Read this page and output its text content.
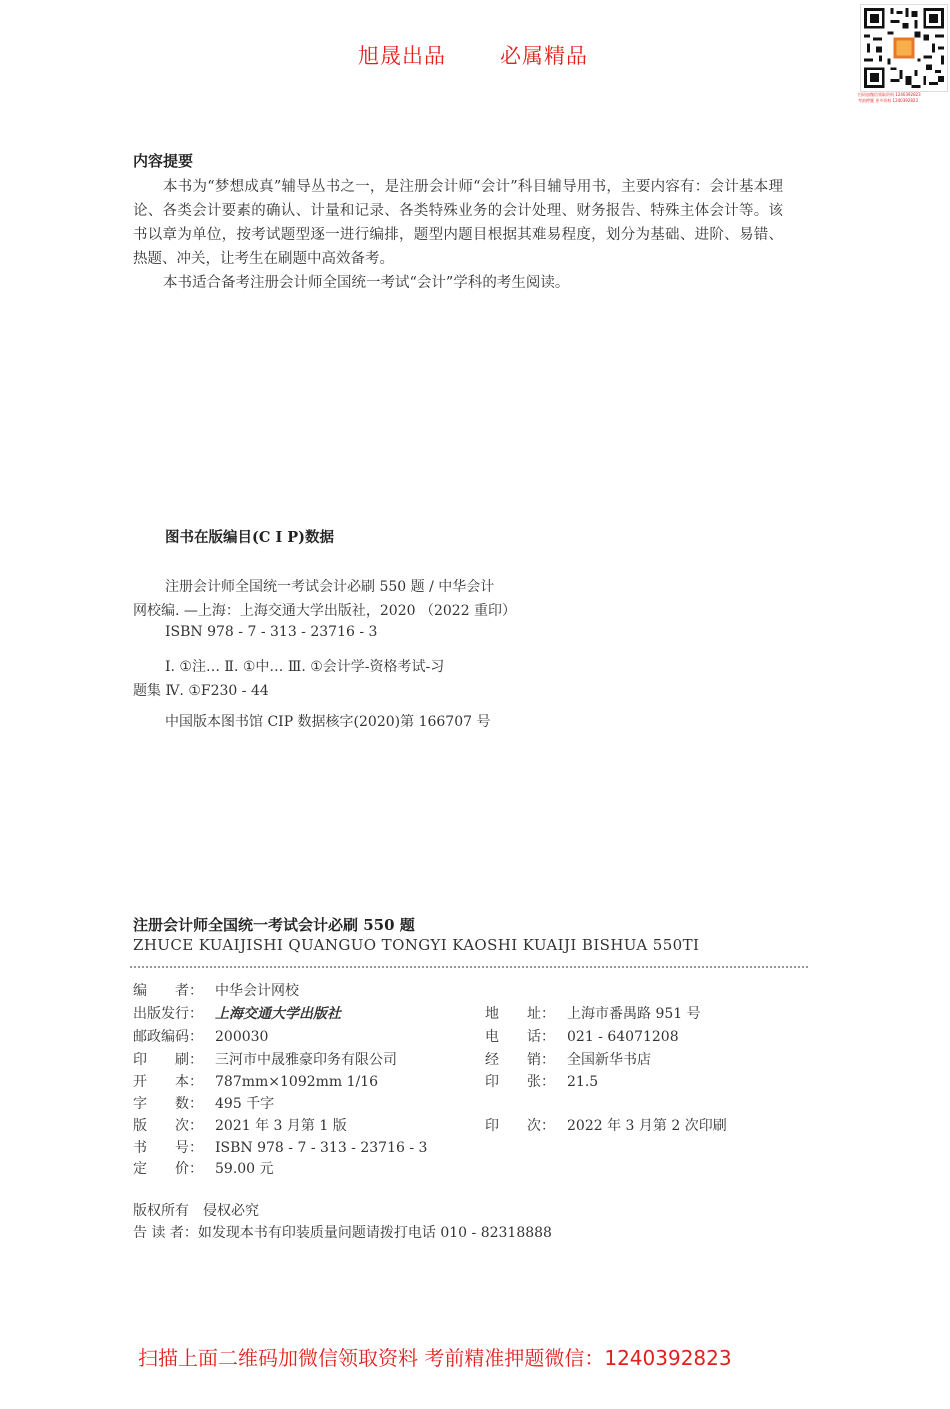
旭晟出品	必属精品
扫码加微信领取资料 1240392823
考前押题 更多资料 1240392823
内容提要
本书为“梦想成真”辅导丛书之一，是注册会计师“会计”科目辅导用书，主要内容有：会计基本理论、各类会计要素的确认、计量和记录、各类特殊业务的会计处理、财务报告、特殊主体会计等。该书以章为单位，按考试题型逐一进行编排，题型内题目根据其难易程度，划分为基础、进阶、易错、热题、冲关，让考生在刷题中高效备考。
本书适合备考注册会计师全国统一考试“会计”学科的考生阅读。
图书在版编目(C I P)数据
注册会计师全国统一考试会计必刷 550 题 / 中华会计
网校编. —上海：上海交通大学出版社，2020 （2022 重印）
ISBN 978 - 7 - 313 - 23716 - 3
Ⅰ. ①注… Ⅱ. ①中… Ⅲ. ①会计学-资格考试-习
题集 Ⅳ. ①F230 - 44
中国版本图书馆 CIP 数据核字(2020)第 166707 号
注册会计师全国统一考试会计必刷 550 题
ZHUCE KUAIJISHI QUANGUO TONGYI KAOSHI KUAIJI BISHUA 550TI
编　　者： 中华会计网校
出版发行： 上海交通大学出版社
邮政编码： 200030
印　　刷： 三河市中晟雅豪印务有限公司
开　　本： 787mm×1092mm 1/16
字　　数： 495 千字
版　　次： 2021 年 3 月第 1 版
书　　号： ISBN 978 - 7 - 313 - 23716 - 3
定　　价： 59.00 元
地　　址： 上海市番禺路 951 号
电　　话： 021 - 64071208
经　　销： 全国新华书店
印　　张： 21.5
印　　次： 2022 年 3 月第 2 次印刷
版权所有　侵权必究
告 读 者：如发现本书有印装质量问题请拨打电话 010 - 82318888
扫描上面二维码加微信领取资料 考前精准押题微信：1240392823
